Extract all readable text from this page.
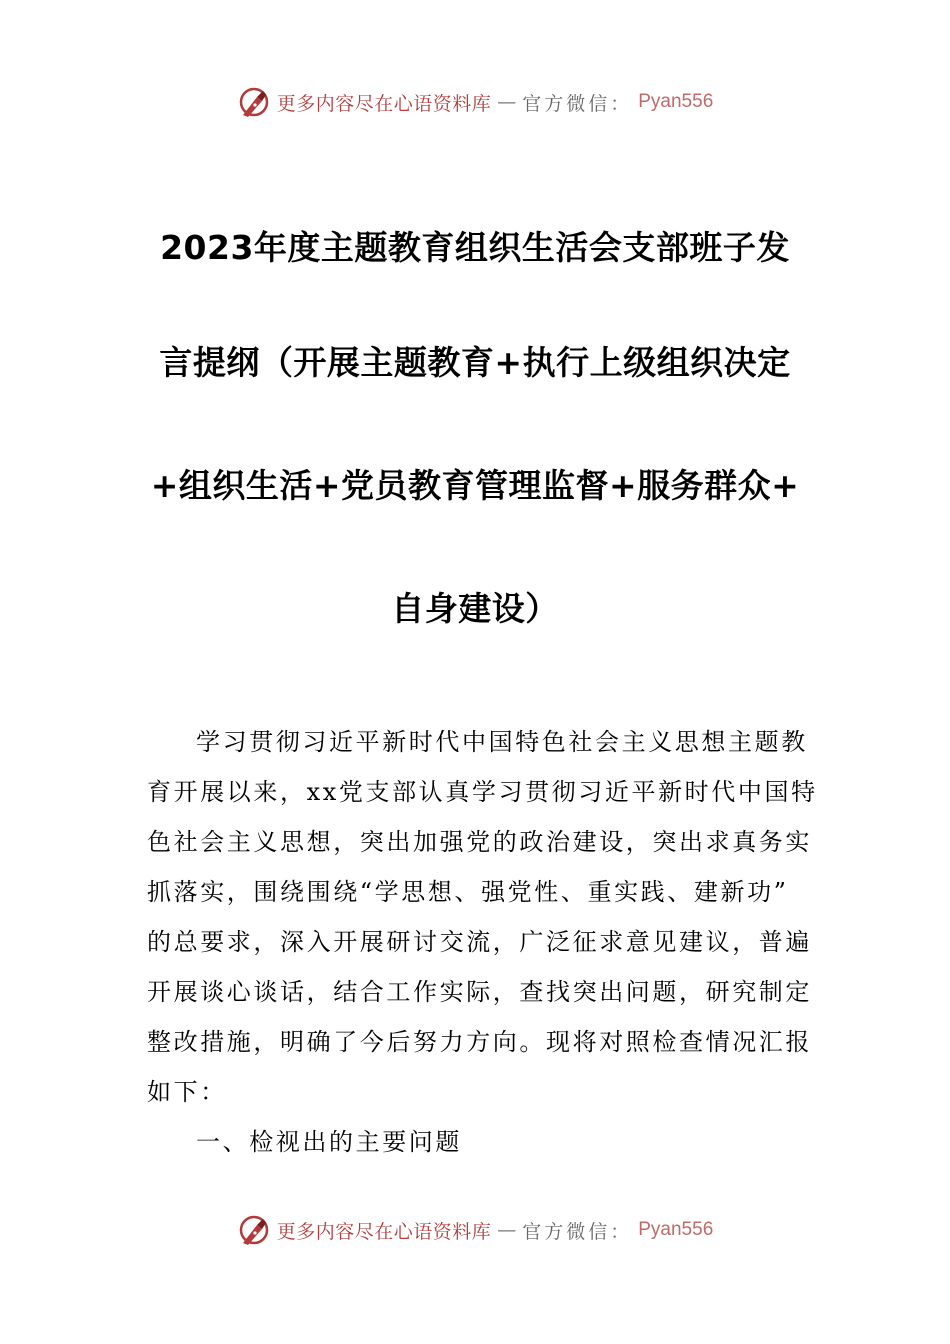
更多内容尽在心语资料库 — 官方微信： Pyan556
2023年度主题教育组织生活会支部班子发
言提纲（开展主题教育+执行上级组织决定
+组织生活+党员教育管理监督+服务群众+
自身建设）
学习贯彻习近平新时代中国特色社会主义思想主题教
育开展以来，xx党支部认真学习贯彻习近平新时代中国特
色社会主义思想，突出加强党的政治建设，突出求真务实
抓落实，围绕围绕“学思想、强党性、重实践、建新功”
的总要求，深入开展研讨交流，广泛征求意见建议，普遍
开展谈心谈话，结合工作实际，查找突出问题，研究制定
整改措施，明确了今后努力方向。现将对照检查情况汇报
如下：
一、检视出的主要问题
更多内容尽在心语资料库 — 官方微信： Pyan556
